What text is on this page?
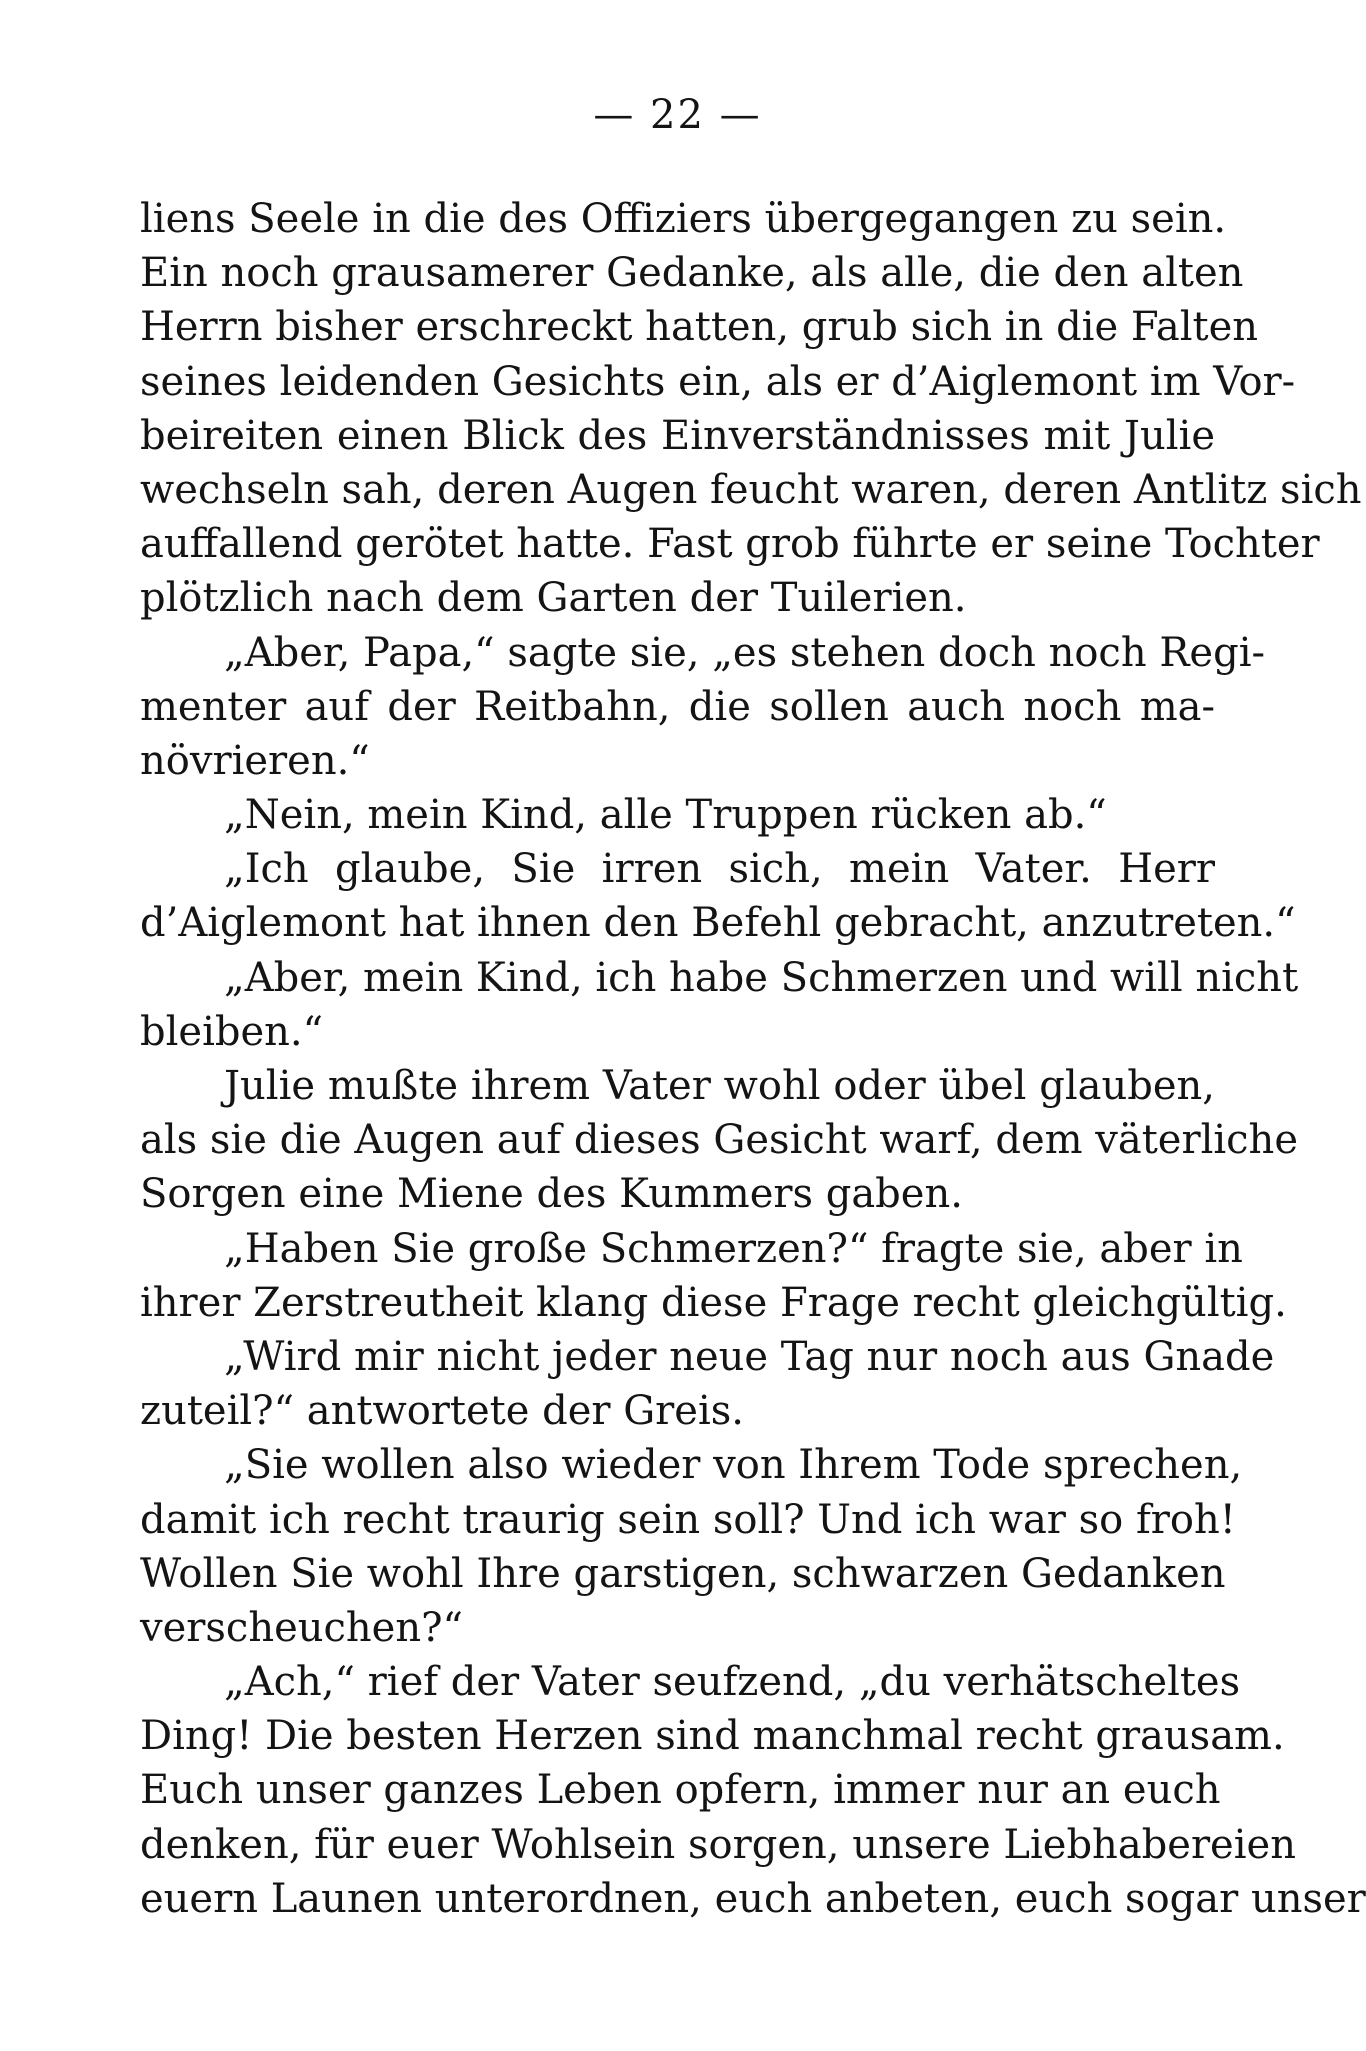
— 22 —
liens Seele in die des Offiziers übergegangen zu sein.
Ein noch grausamerer Gedanke, als alle, die den alten
Herrn bisher erschreckt hatten, grub sich in die Falten
seines leidenden Gesichts ein, als er d’Aiglemont im Vor-
beireiten einen Blick des Einverständnisses mit Julie
wechseln sah, deren Augen feucht waren, deren Antlitz sich
auffallend gerötet hatte. Fast grob führte er seine Tochter
plötzlich nach dem Garten der Tuilerien.
„Aber, Papa,“ sagte sie, „es stehen doch noch Regi-
menter auf der Reitbahn, die sollen auch noch ma-
növrieren.“
„Nein, mein Kind, alle Truppen rücken ab.“
„Ich glaube, Sie irren sich, mein Vater. Herr
d’Aiglemont hat ihnen den Befehl gebracht, anzutreten.“
„Aber, mein Kind, ich habe Schmerzen und will nicht
bleiben.“
Julie mußte ihrem Vater wohl oder übel glauben,
als sie die Augen auf dieses Gesicht warf, dem väterliche
Sorgen eine Miene des Kummers gaben.
„Haben Sie große Schmerzen?“ fragte sie, aber in
ihrer Zerstreutheit klang diese Frage recht gleichgültig.
„Wird mir nicht jeder neue Tag nur noch aus Gnade
zuteil?“ antwortete der Greis.
„Sie wollen also wieder von Ihrem Tode sprechen,
damit ich recht traurig sein soll? Und ich war so froh!
Wollen Sie wohl Ihre garstigen, schwarzen Gedanken
verscheuchen?“
„Ach,“ rief der Vater seufzend, „du verhätscheltes
Ding! Die besten Herzen sind manchmal recht grausam.
Euch unser ganzes Leben opfern, immer nur an euch
denken, für euer Wohlsein sorgen, unsere Liebhabereien
euern Launen unterordnen, euch anbeten, euch sogar unser
